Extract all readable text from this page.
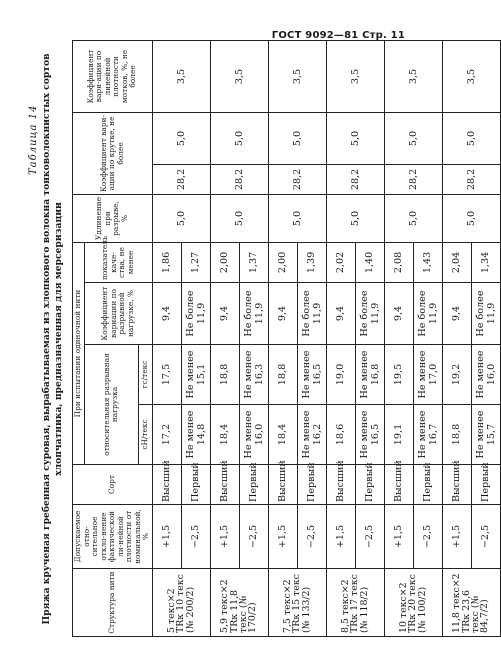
ГОСТ 9092—81 Стр. 11
Таблица 14 Пряжа крученая гребенная суровая, вырабатываемая из хлопкового волокна тонковолокнистых сортов хлопчатника, предназначенная для мерсеризации
Структура нити	Допускаемое отно-сительное откло-нение фактической ли-нейной плотности от номинальной, %	Сорт	При испытании одиночной нити				Удлинение при разрыве, %	Коэффициент вари-ации по крутке, не более		Коэффициент вари-ации по линейной плотности мотков, %, не более
			относительная разрывная нагрузка		Коэффициент вариации по разрывной нагрузке, %	показатель каче-ства, не менее				
			сН/текс	гс/текс						
5 текс×2 TRк 10 текс (№ 200/2)	+1,5	Высший	17,2	17,5	9,4	1,86	5,0	28,2	5,0	3,5
	−2,5	Первый	Не менее 14,8	Не менее 15,1	Не более 11,9	1,27				
5,9 текс×2 TRк 11,8 текс (№ 170/2)	+1,5	Высший	18,4	18,8	9,4	2,00	5,0	28,2	5,0	3,5
	−2,5	Первый	Не менее 16,0	Не менее 16,3	Не более 11,9	1,37				
7,5 текс×2 TRк 15 текс (№ 133/2)	+1,5	Высший	18,4	18,8	9,4	2,00	5,0	28,2	5,0	3,5
	−2,5	Первый	Не менее 16,2	Не менее 16,5	Не более 11,9	1,39				
8,5 текс×2 TRк 17 текс (№ 118/2)	+1,5	Высший	18,6	19,0	9,4	2,02	5,0	28,2	5,0	3,5
	−2,5	Первый	Не менее 16,5	Не менее 16,8	Не более 11,9	1,40				
10 текс×2 TRк 20 текс (№ 100/2)	+1,5	Высший	19,1	19,5	9,4	2,08	5,0	28,2	5,0	3,5
	−2,5	Первый	Не менее 16,7	Не менее 17,0	Не более 11,9	1,43				
11,8 текс×2 TRк 23,6 текс (№ 84,7/2)	+1,5	Высший	18,8	19,2	9,4	2,04	5,0	28,2	5,0	3,5
	−2,5	Первый	Не менее 15,7	Не менее 16,0	Не более 11,9	1,34				
